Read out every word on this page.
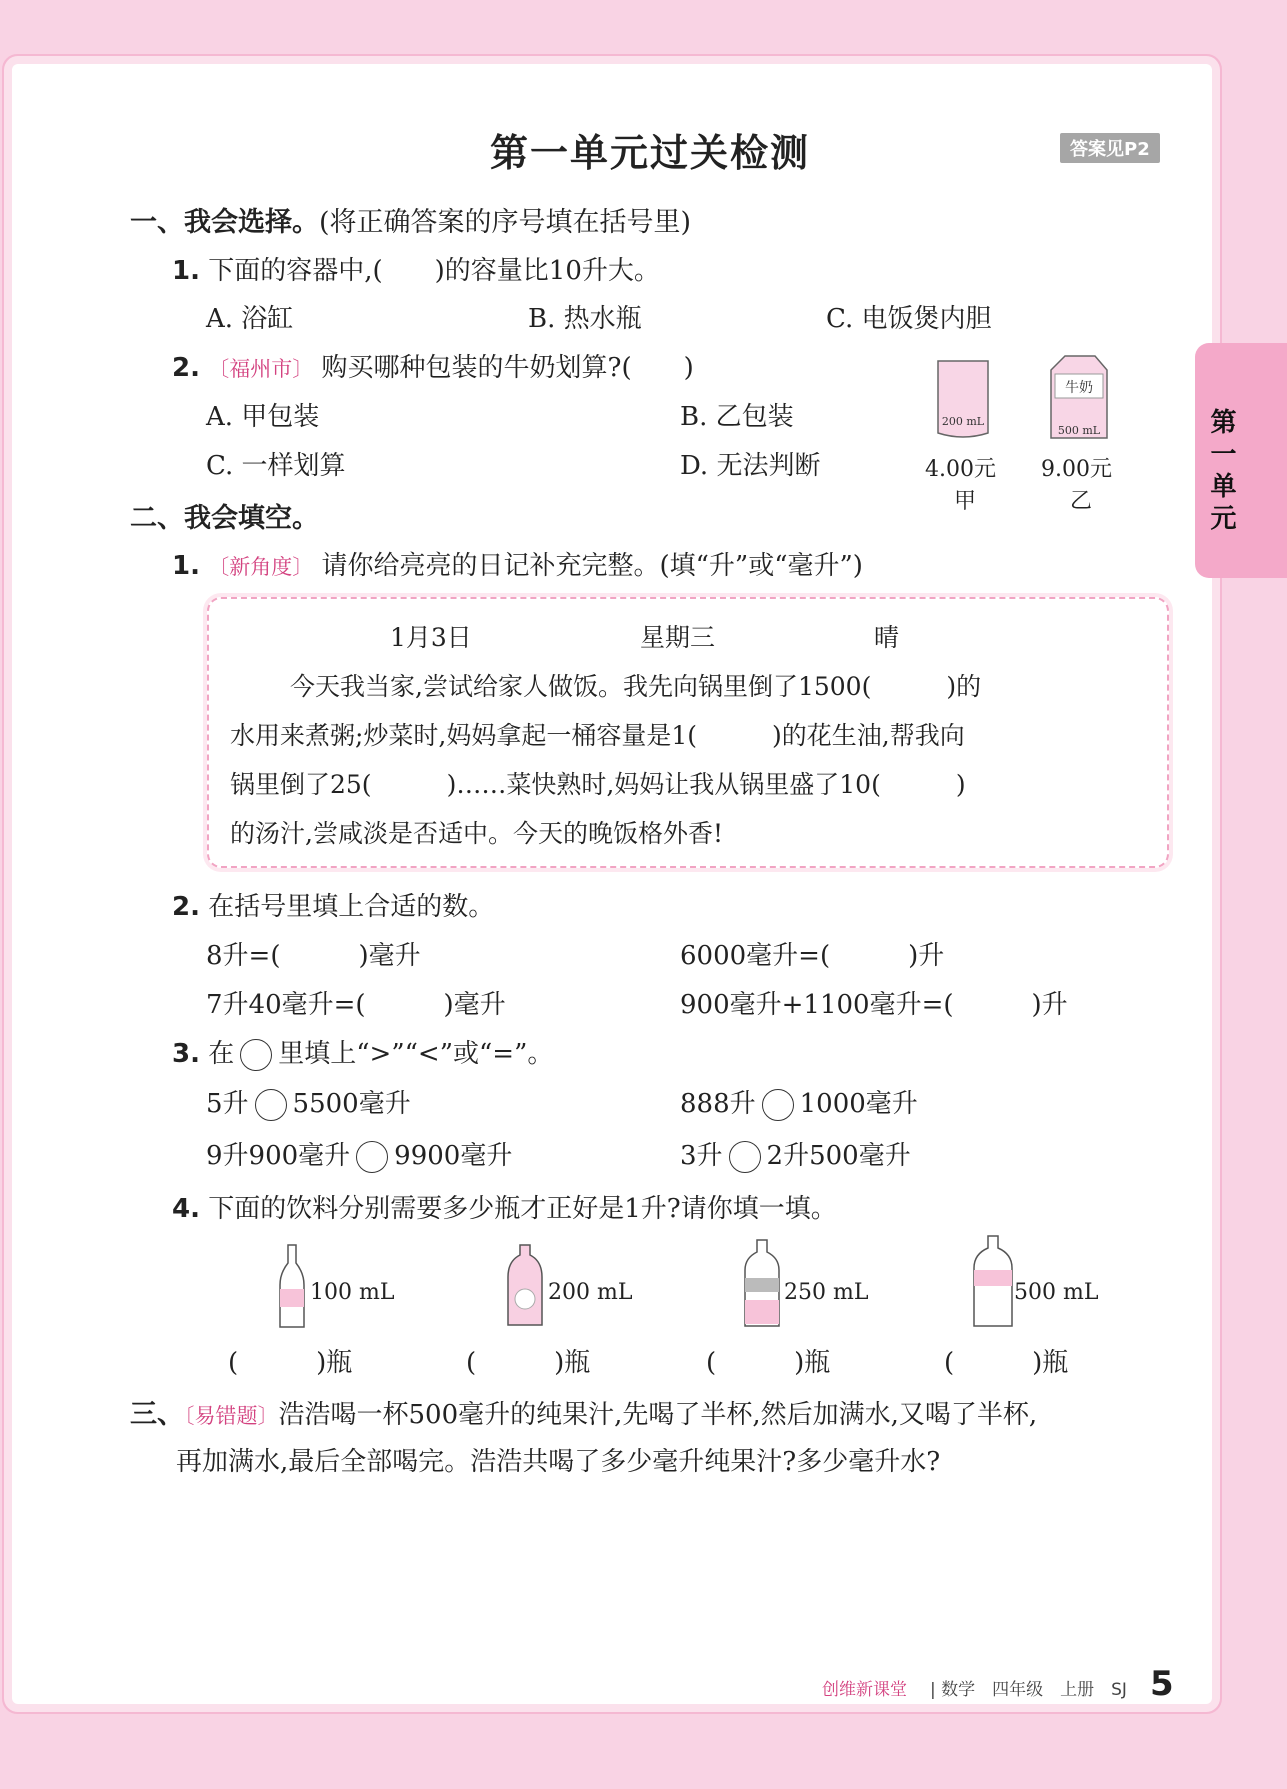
第一单元
第一单元过关检测	答案见P2
一、我会选择。(将正确答案的序号填在括号里)
1. 下面的容器中,(　　)的容量比10升大。
A. 浴缸	B. 热水瓶	C. 电饭煲内胆
2. 〔福州市〕 购买哪种包装的牛奶划算?(　　)
A. 甲包装	B. 乙包装
C. 一样划算	D. 无法判断
200 mL
牛奶
500 mL
4.00元
甲
9.00元
乙
二、我会填空。
1. 〔新角度〕 请你给亮亮的日记补充完整。(填“升”或“毫升”)
1月3日	星期三	晴
今天我当家,尝试给家人做饭。我先向锅里倒了1500(　　　)的
水用来煮粥;炒菜时,妈妈拿起一桶容量是1(　　　)的花生油,帮我向
锅里倒了25(　　　)……菜快熟时,妈妈让我从锅里盛了10(　　　)
的汤汁,尝咸淡是否适中。今天的晚饭格外香!
2. 在括号里填上合适的数。
8升=(　　　)毫升	6000毫升=(　　　)升
7升40毫升=(　　　)毫升	900毫升+1100毫升=(　　　)升
3. 在 里填上“>”“<”或“=”。
5升 5500毫升	888升 1000毫升
9升900毫升 9900毫升	3升 2升500毫升
4. 下面的饮料分别需要多少瓶才正好是1升?请你填一填。
100 mL	200 mL	250 mL	500 mL
(　　　)瓶	(　　　)瓶	(　　　)瓶	(　　　)瓶
三、〔易错题〕浩浩喝一杯500毫升的纯果汁,先喝了半杯,然后加满水,又喝了半杯,
再加满水,最后全部喝完。浩浩共喝了多少毫升纯果汁?多少毫升水?
创维新课堂 | 数学　四年级　上册　SJ 5
